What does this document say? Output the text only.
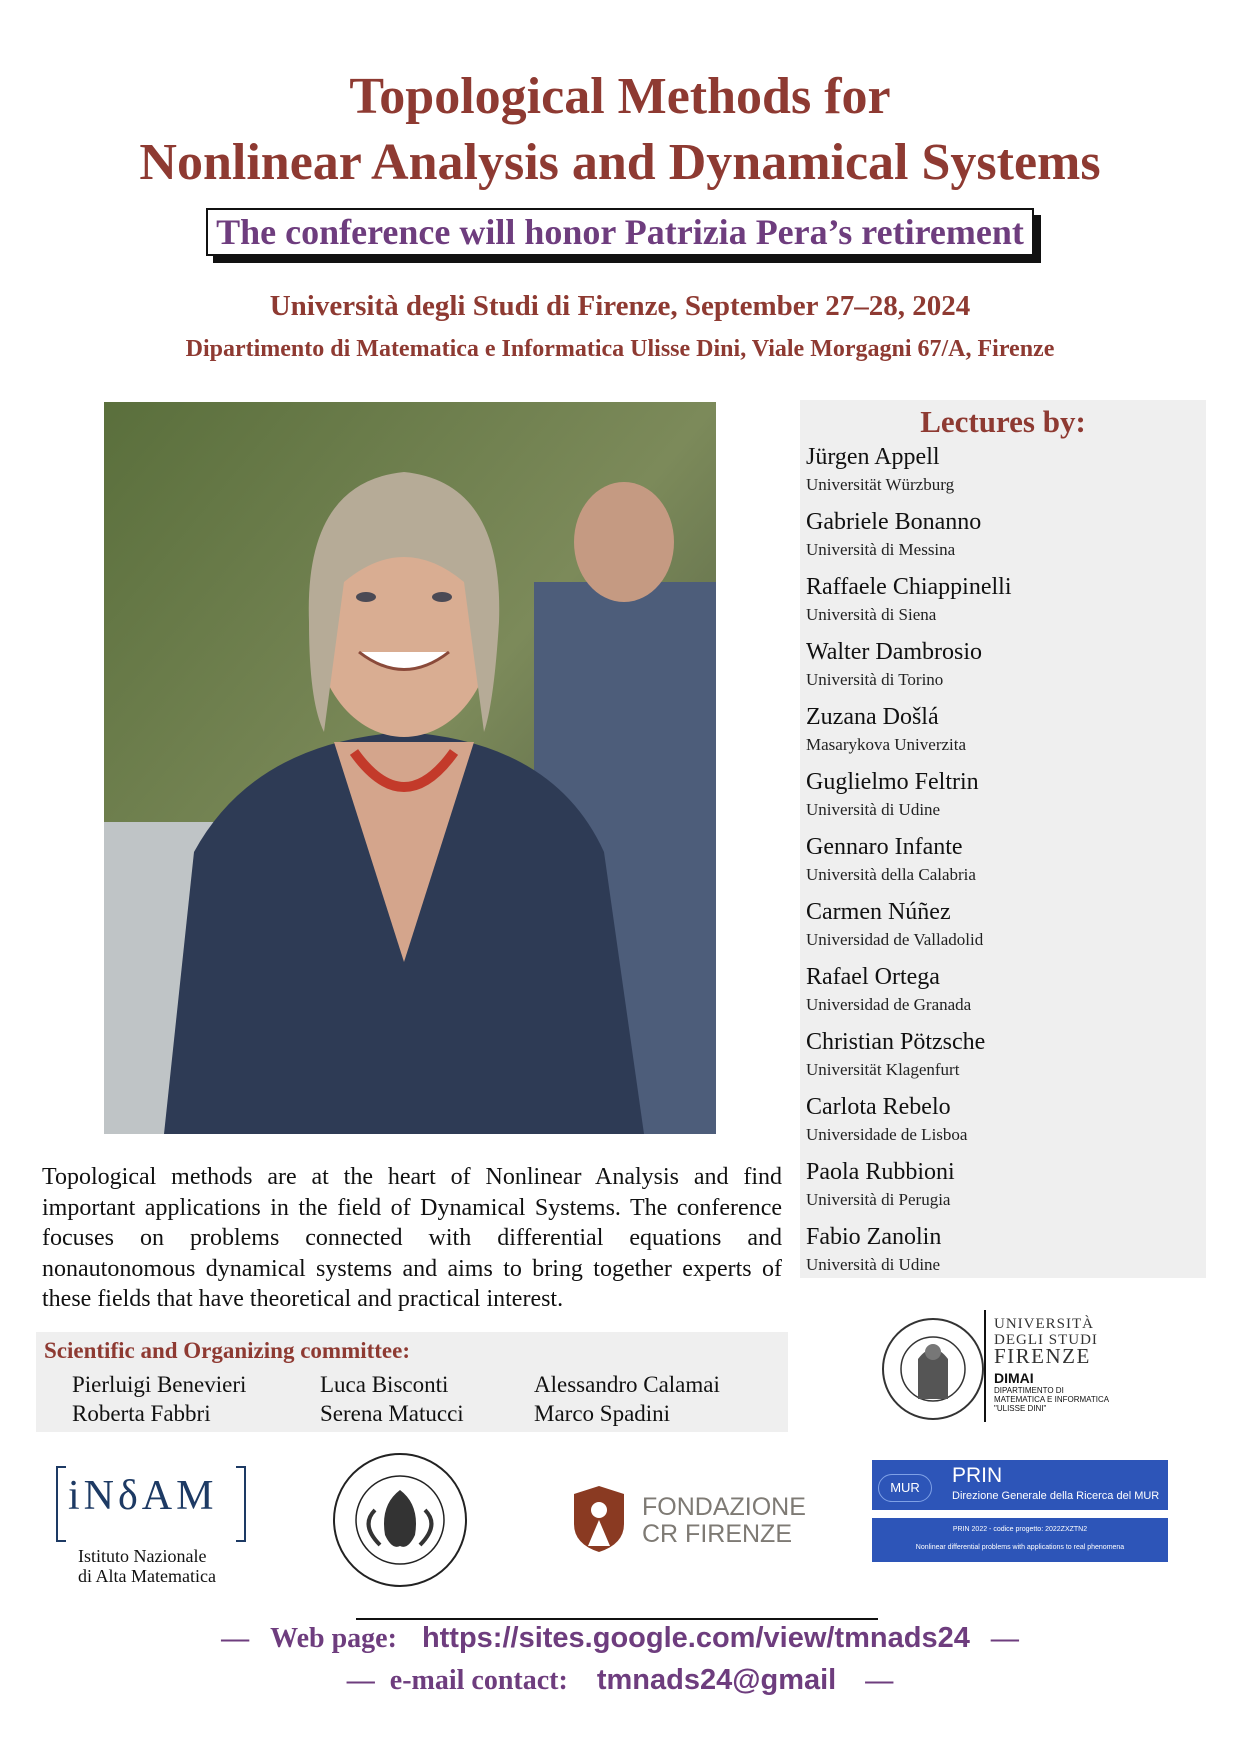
Topological Methods for
Nonlinear Analysis and Dynamical Systems
The conference will honor Patrizia Pera’s retirement
Università degli Studi di Firenze, September 27–28, 2024
Dipartimento di Matematica e Informatica Ulisse Dini, Viale Morgagni 67/A, Firenze
Lectures by:
Jürgen Appell
Universität Würzburg
Gabriele Bonanno
Università di Messina
Raffaele Chiappinelli
Università di Siena
Walter Dambrosio
Università di Torino
Zuzana Došlá
Masarykova Univerzita
Guglielmo Feltrin
Università di Udine
Gennaro Infante
Università della Calabria
Carmen Núñez
Universidad de Valladolid
Rafael Ortega
Universidad de Granada
Christian Pötzsche
Universität Klagenfurt
Carlota Rebelo
Universidade de Lisboa
Paola Rubbioni
Università di Perugia
Fabio Zanolin
Università di Udine
Topological methods are at the heart of Nonlinear Analysis and find important applications in the field of Dynamical Systems. The conference focuses on problems connected with differential equations and nonautonomous dynamical systems and aims to bring together experts of these fields that have theoretical and practical interest.
Scientific and Organizing committee:
Pierluigi Benevieri	Luca Bisconti	Alessandro Calamai
Roberta Fabbri	Serena Matucci	Marco Spadini
UNIVERSITÀ
DEGLI STUDI
FIRENZE
DIMAI
DIPARTIMENTO DI
MATEMATICA E INFORMATICA
"ULISSE DINI"
iNδAM
Istituto Nazionale
di Alta Matematica
FONDAZIONE
CR FIRENZE
MUR
PRIN
Direzione Generale della Ricerca del MUR
PRIN 2022 - codice progetto: 2022ZXZTN2
Nonlinear differential problems with applications to real phenomena
— Web page: https://sites.google.com/view/tmnads24 —
— e-mail contact: tmnads24@gmail —
